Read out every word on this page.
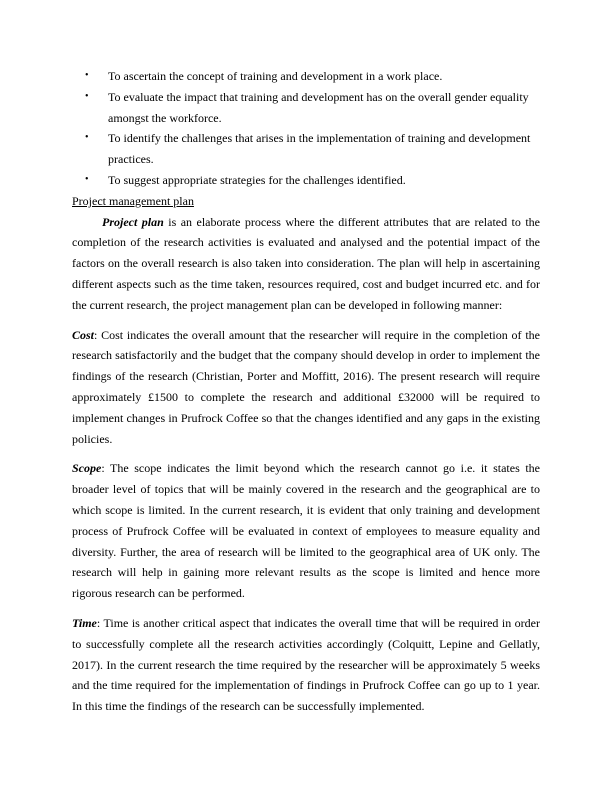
• To ascertain the concept of training and development in a work place.
• To evaluate the impact that training and development has on the overall gender equality amongst the workforce.
• To identify the challenges that arises in the implementation of training and development practices.
• To suggest appropriate strategies for the challenges identified.

Project management plan

Project plan is an elaborate process where the different attributes that are related to the completion of the research activities is evaluated and analysed and the potential impact of the factors on the overall research is also taken into consideration. The plan will help in ascertaining different aspects such as the time taken, resources required, cost and budget incurred etc. and for the current research, the project management plan can be developed in following manner:

Cost: Cost indicates the overall amount that the researcher will require in the completion of the research satisfactorily and the budget that the company should develop in order to implement the findings of the research (Christian, Porter and Moffitt, 2016). The present research will require approximately £1500 to complete the research and additional £32000 will be required to implement changes in Prufrock Coffee so that the changes identified and any gaps in the existing policies.

Scope: The scope indicates the limit beyond which the research cannot go i.e. it states the broader level of topics that will be mainly covered in the research and the geographical are to which scope is limited. In the current research, it is evident that only training and development process of Prufrock Coffee will be evaluated in context of employees to measure equality and diversity. Further, the area of research will be limited to the geographical area of UK only. The research will help in gaining more relevant results as the scope is limited and hence more rigorous research can be performed.

Time: Time is another critical aspect that indicates the overall time that will be required in order to successfully complete all the research activities accordingly (Colquitt, Lepine and Gellatly, 2017). In the current research the time required by the researcher will be approximately 5 weeks and the time required for the implementation of findings in Prufrock Coffee can go up to 1 year. In this time the findings of the research can be successfully implemented.
